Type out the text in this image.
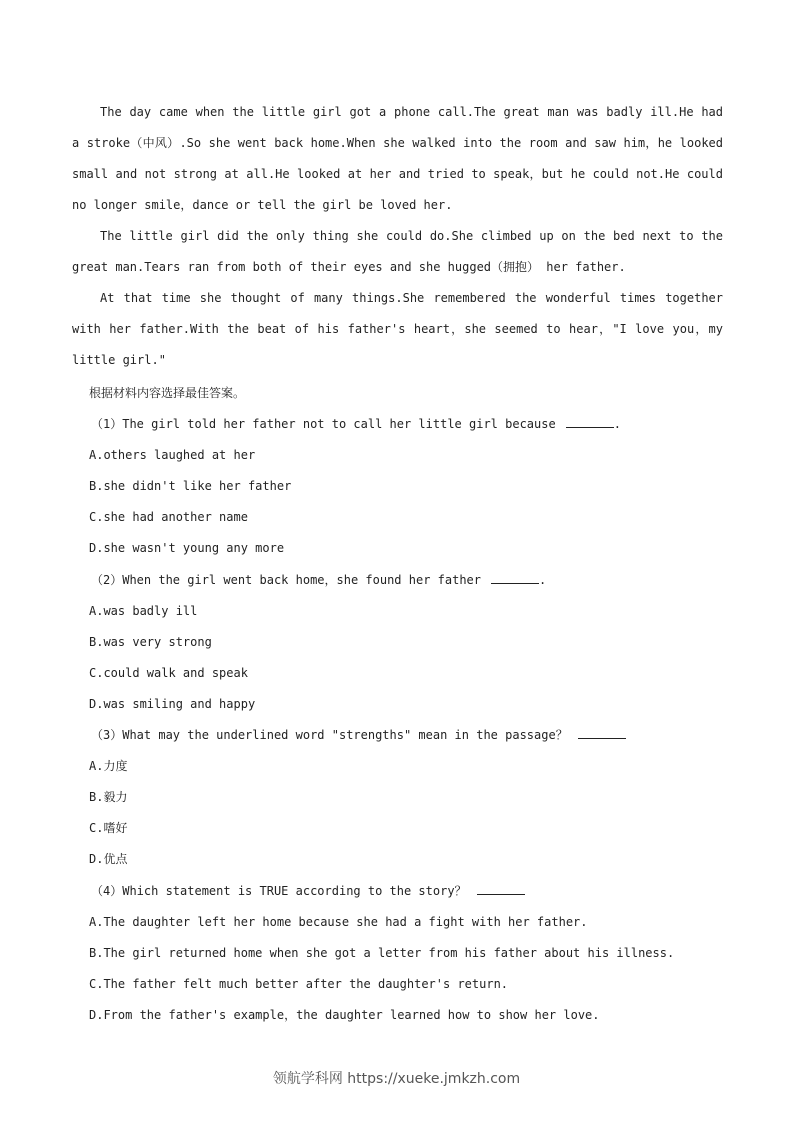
The day came when the little girl got a phone call.The great man was badly ill.He had a stroke（中风）.So she went back home.When she walked into the room and saw him，he looked small and not strong at all.He looked at her and tried to speak，but he could not.He could no longer smile，dance or tell the girl be loved her.

The little girl did the only thing she could do.She climbed up on the bed next to the great man.Tears ran from both of their eyes and she hugged（拥抱） her father.

At that time she thought of many things.She remembered the wonderful times together with her father.With the beat of his father's heart，she seemed to hear，"I love you，my little girl."

根据材料内容选择最佳答案。
（1）The girl told her father not to call her little girl because	.
A.others laughed at her
B.she didn't like her father
C.she had another name
D.she wasn't young any more
（2）When the girl went back home，she found her father	.
A.was badly ill
B.was very strong
C.could walk and speak
D.was smiling and happy
（3）What may the underlined word "strengths" mean in the passage？
A.力度
B.毅力
C.嗜好
D.优点
（4）Which statement is TRUE according to the story？
A.The daughter left her home because she had a fight with her father.
B.The girl returned home when she got a letter from his father about his illness.
C.The father felt much better after the daughter's return.
D.From the father's example，the daughter learned how to show her love.
领航学科网 https://xueke.jmkzh.com
